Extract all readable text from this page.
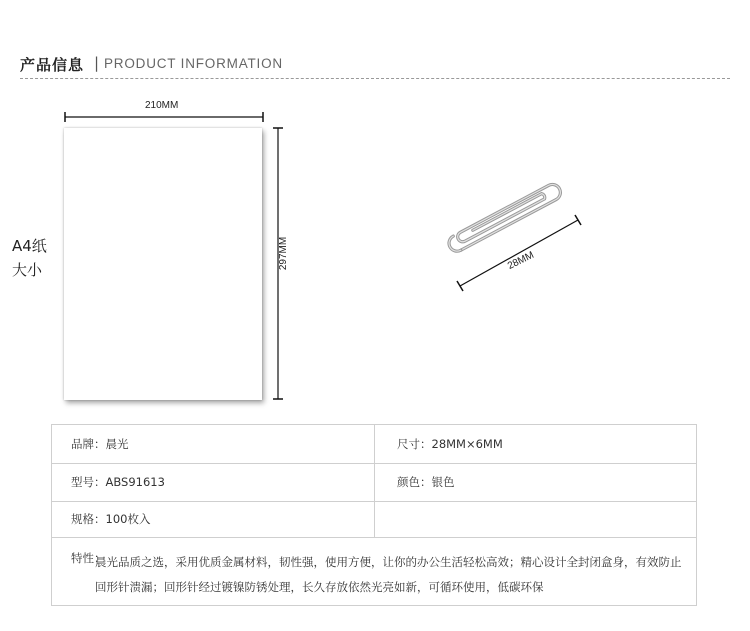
产品信息 | PRODUCT INFORMATION
A4纸
大小
210MM
297MM	28MM
品牌：晨光	尺寸：28MM×6MM
型号：ABS91613	颜色：银色
规格：100枚入
特性：
晨光品质之选，采用优质金属材料，韧性强，使用方便，让你的办公生活轻松高效；精心设计全封闭盒身，有效防止回形针溃漏；回形针经过镀镍防锈处理，长久存放依然光亮如新，可循环使用，低碳环保
